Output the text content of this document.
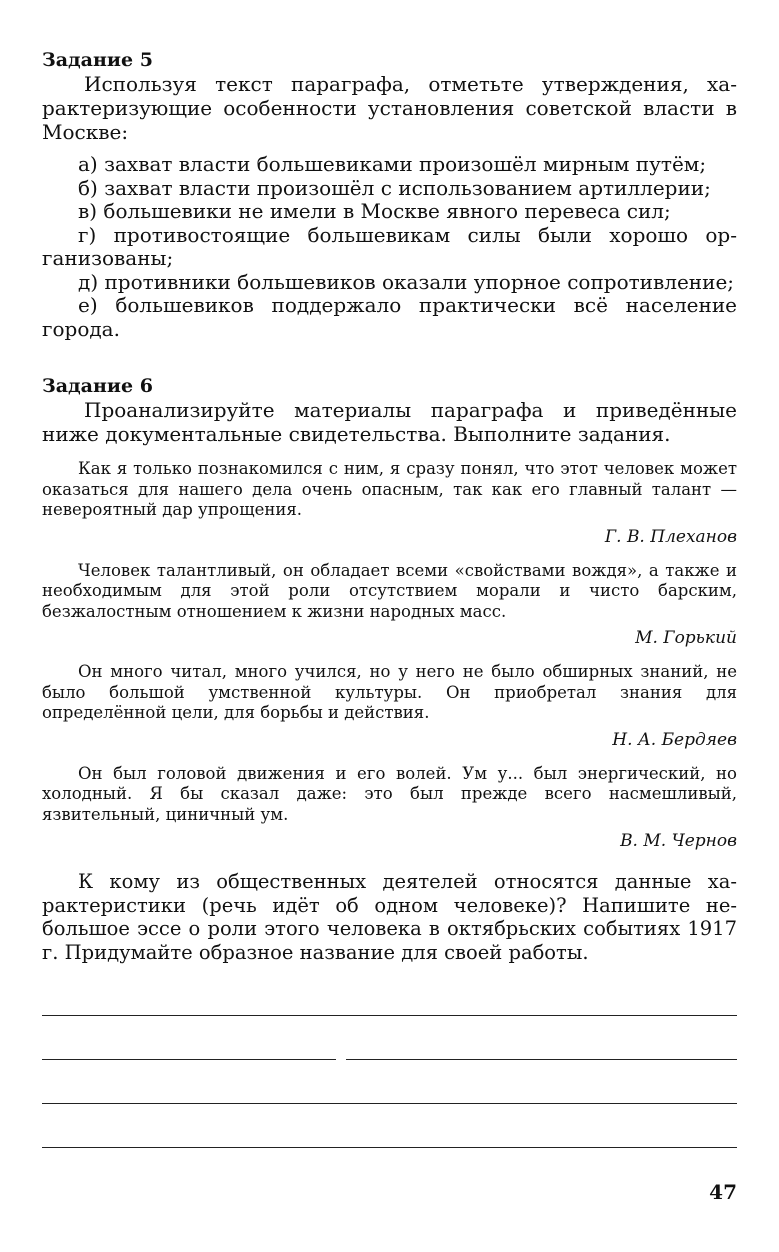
Задание 5

Используя текст параграфа, отметьте утверждения, характеризующие особенности установления советской власти в Москве:

а) захват власти большевиками произошёл мирным путём;

б) захват власти произошёл с использованием артиллерии;

в) большевики не имели в Москве явного перевеса сил;

г) противостоящие большевикам силы были хорошо организованы;

д) противники большевиков оказали упорное сопротивление;

е) большевиков поддержало практически всё население города.

Задание 6

Проанализируйте материалы параграфа и приведённые ниже документальные свидетельства. Выполните задания.

Как я только познакомился с ним, я сразу понял, что этот человек может оказаться для нашего дела очень опасным, так как его главный талант — невероятный дар упрощения.

Г. В. Плеханов

Человек талантливый, он обладает всеми «свойствами вождя», а также и необходимым для этой роли отсутствием морали и чисто барским, безжалостным отношением к жизни народных масс.

М. Горький

Он много читал, много учился, но у него не было обширных знаний, не было большой умственной культуры. Он приобретал знания для определённой цели, для борьбы и действия.

Н. А. Бердяев

Он был головой движения и его волей. Ум у... был энергический, но холодный. Я бы сказал даже: это был прежде всего насмешливый, язвительный, циничный ум.

В. М. Чернов

К кому из общественных деятелей относятся данные характеристики (речь идёт об одном человеке)? Напишите небольшое эссе о роли этого человека в октябрьских событиях 1917 г. Придумайте образное название для своей работы.

47
